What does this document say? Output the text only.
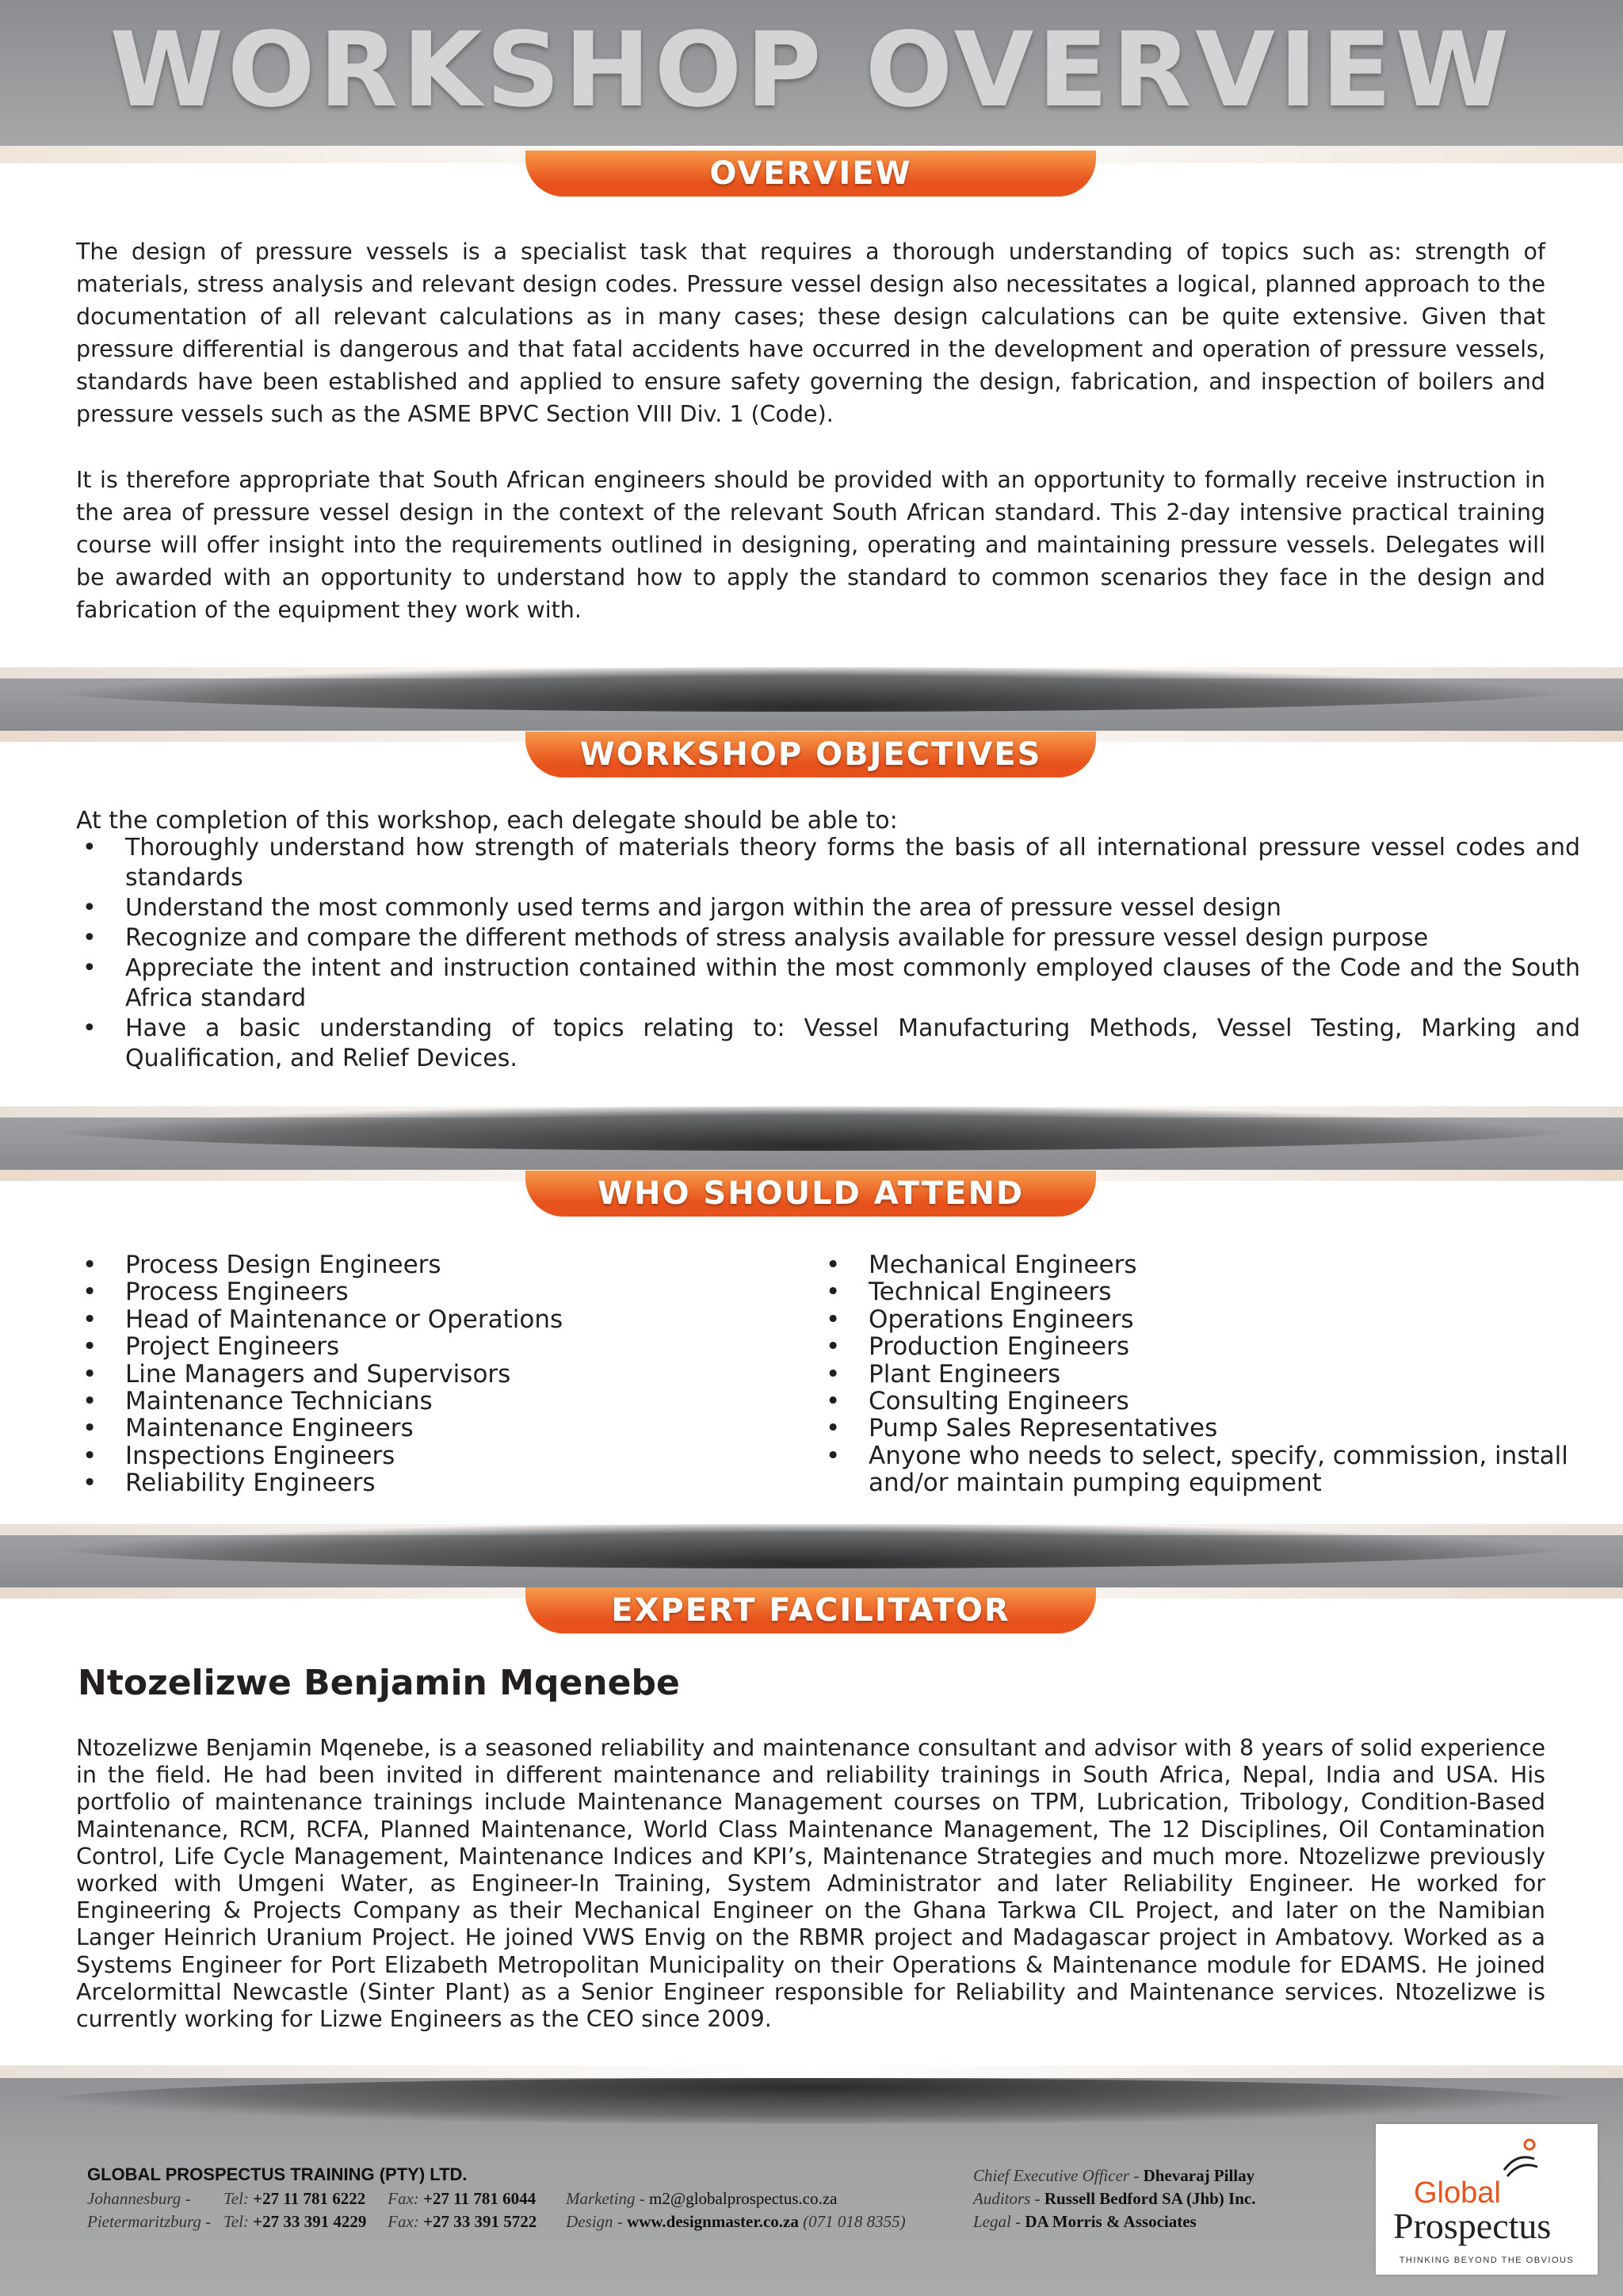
WORKSHOP OVERVIEW
OVERVIEW

The design of pressure vessels is a specialist task that requires a thorough understanding of topics such as: strength of materials, stress analysis and relevant design codes. Pressure vessel design also necessitates a logical, planned approach to the documentation of all relevant calculations as in many cases; these design calculations can be quite extensive. Given that pressure differential is dangerous and that fatal accidents have occurred in the development and operation of pressure vessels, standards have been established and applied to ensure safety governing the design, fabrication, and inspection of boilers and pressure vessels such as the ASME BPVC Section VIII Div. 1 (Code).

It is therefore appropriate that South African engineers should be provided with an opportunity to formally receive instruction in the area of pressure vessel design in the context of the relevant South African standard. This 2-day intensive practical training course will offer insight into the requirements outlined in designing, operating and maintaining pressure vessels. Delegates will be awarded with an opportunity to understand how to apply the standard to common scenarios they face in the design and fabrication of the equipment they work with.

WORKSHOP OBJECTIVES

At the completion of this workshop, each delegate should be able to:

• Thoroughly understand how strength of materials theory forms the basis of all international pressure vessel codes and standards
• Understand the most commonly used terms and jargon within the area of pressure vessel design
• Recognize and compare the different methods of stress analysis available for pressure vessel design purpose
• Appreciate the intent and instruction contained within the most commonly employed clauses of the Code and the South Africa standard
• Have a basic understanding of topics relating to: Vessel Manufacturing Methods, Vessel Testing, Marking and Qualification, and Relief Devices.
WHO SHOULD ATTEND
• Process Design Engineers
• Process Engineers
• Head of Maintenance or Operations
• Project Engineers
• Line Managers and Supervisors
• Maintenance Technicians
• Maintenance Engineers
• Inspections Engineers
• Reliability Engineers
• Mechanical Engineers
• Technical Engineers
• Operations Engineers
• Production Engineers
• Plant Engineers
• Consulting Engineers
• Pump Sales Representatives
• Anyone who needs to select, specify, commission, install and/or maintain pumping equipment
EXPERT FACILITATOR
Ntozelizwe Benjamin Mqenebe

Ntozelizwe Benjamin Mqenebe, is a seasoned reliability and maintenance consultant and advisor with 8 years of solid experience in the field. He had been invited in different maintenance and reliability trainings in South Africa, Nepal, India and USA. His portfolio of maintenance trainings include Maintenance Management courses on TPM, Lubrication, Tribology, Condition-Based Maintenance, RCM, RCFA, Planned Maintenance, World Class Maintenance Management, The 12 Disciplines, Oil Contamination Control, Life Cycle Management, Maintenance Indices and KPI’s, Maintenance Strategies and much more. Ntozelizwe previously worked with Umgeni Water, as Engineer-In Training, System Administrator and later Reliability Engineer. He worked for Engineering & Projects Company as their Mechanical Engineer on the Ghana Tarkwa CIL Project, and later on the Namibian Langer Heinrich Uranium Project. He joined VWS Envig on the RBMR project and Madagascar project in Ambatovy. Worked as a Systems Engineer for Port Elizabeth Metropolitan Municipality on their Operations & Maintenance module for EDAMS. He joined Arcelormittal Newcastle (Sinter Plant) as a Senior Engineer responsible for Reliability and Maintenance services. Ntozelizwe is currently working for Lizwe Engineers as the CEO since 2009.

GLOBAL PROSPECTUS TRAINING (PTY) LTD.
Johannesburg - Tel: +27 11 781 6222 Fax: +27 11 781 6044 Marketing - m2@globalprospectus.co.za
Pietermaritzburg - Tel: +27 33 391 4229 Fax: +27 33 391 5722 Design - www.designmaster.co.za (071 018 8355)
Chief Executive Officer - Dhevaraj Pillay
Auditors - Russell Bedford SA (Jhb) Inc.
Legal - DA Morris & Associates
Global
Prospectus
THINKING BEYOND THE OBVIOUS
